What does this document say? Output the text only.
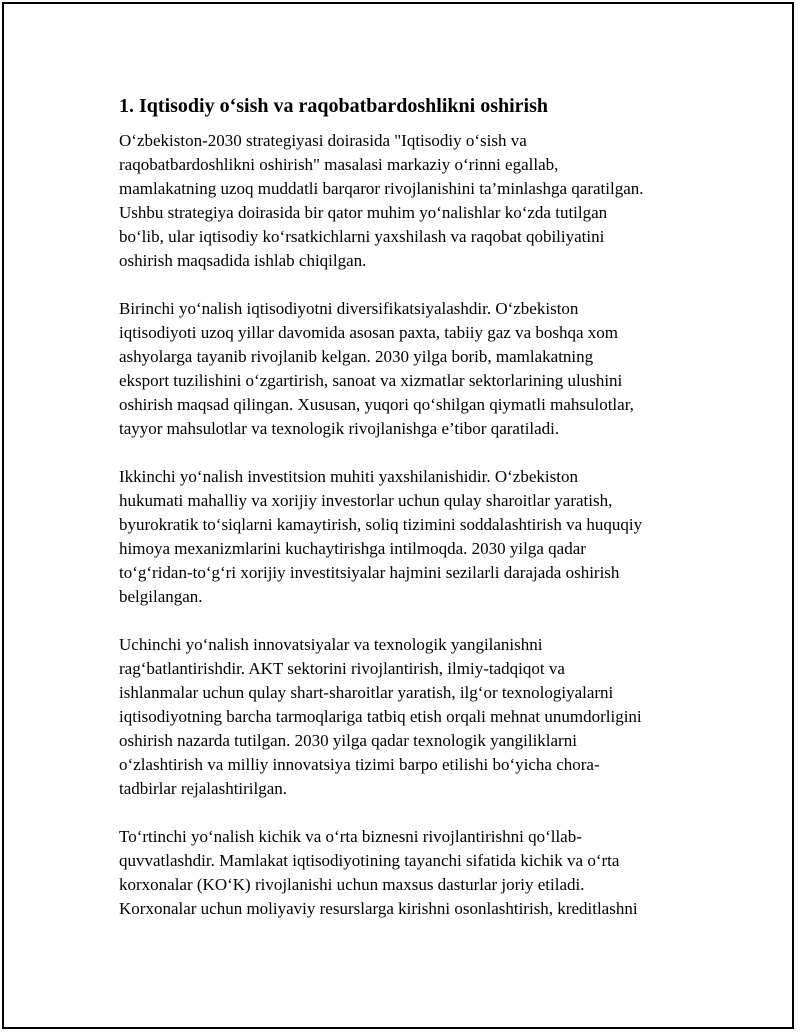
1. Iqtisodiy o‘sish va raqobatbardoshlikni oshirish

O‘zbekiston-2030 strategiyasi doirasida "Iqtisodiy o‘sish va
raqobatbardoshlikni oshirish" masalasi markaziy o‘rinni egallab,
mamlakatning uzoq muddatli barqaror rivojlanishini ta’minlashga qaratilgan.
Ushbu strategiya doirasida bir qator muhim yo‘nalishlar ko‘zda tutilgan
bo‘lib, ular iqtisodiy ko‘rsatkichlarni yaxshilash va raqobat qobiliyatini
oshirish maqsadida ishlab chiqilgan.

Birinchi yo‘nalish iqtisodiyotni diversifikatsiyalashdir. O‘zbekiston
iqtisodiyoti uzoq yillar davomida asosan paxta, tabiiy gaz va boshqa xom
ashyolarga tayanib rivojlanib kelgan. 2030 yilga borib, mamlakatning
eksport tuzilishini o‘zgartirish, sanoat va xizmatlar sektorlarining ulushini
oshirish maqsad qilingan. Xususan, yuqori qo‘shilgan qiymatli mahsulotlar,
tayyor mahsulotlar va texnologik rivojlanishga e’tibor qaratiladi.

Ikkinchi yo‘nalish investitsion muhiti yaxshilanishidir. O‘zbekiston
hukumati mahalliy va xorijiy investorlar uchun qulay sharoitlar yaratish,
byurokratik to‘siqlarni kamaytirish, soliq tizimini soddalashtirish va huquqiy
himoya mexanizmlarini kuchaytirishga intilmoqda. 2030 yilga qadar
to‘g‘ridan-to‘g‘ri xorijiy investitsiyalar hajmini sezilarli darajada oshirish
belgilangan.

Uchinchi yo‘nalish innovatsiyalar va texnologik yangilanishni
rag‘batlantirishdir. AKT sektorini rivojlantirish, ilmiy-tadqiqot va
ishlanmalar uchun qulay shart-sharoitlar yaratish, ilg‘or texnologiyalarni
iqtisodiyotning barcha tarmoqlariga tatbiq etish orqali mehnat unumdorligini
oshirish nazarda tutilgan. 2030 yilga qadar texnologik yangiliklarni
o‘zlashtirish va milliy innovatsiya tizimi barpo etilishi bo‘yicha chora-
tadbirlar rejalashtirilgan.

To‘rtinchi yo‘nalish kichik va o‘rta biznesni rivojlantirishni qo‘llab-
quvvatlashdir. Mamlakat iqtisodiyotining tayanchi sifatida kichik va o‘rta
korxonalar (KO‘K) rivojlanishi uchun maxsus dasturlar joriy etiladi.
Korxonalar uchun moliyaviy resurslarga kirishni osonlashtirish, kreditlashni
